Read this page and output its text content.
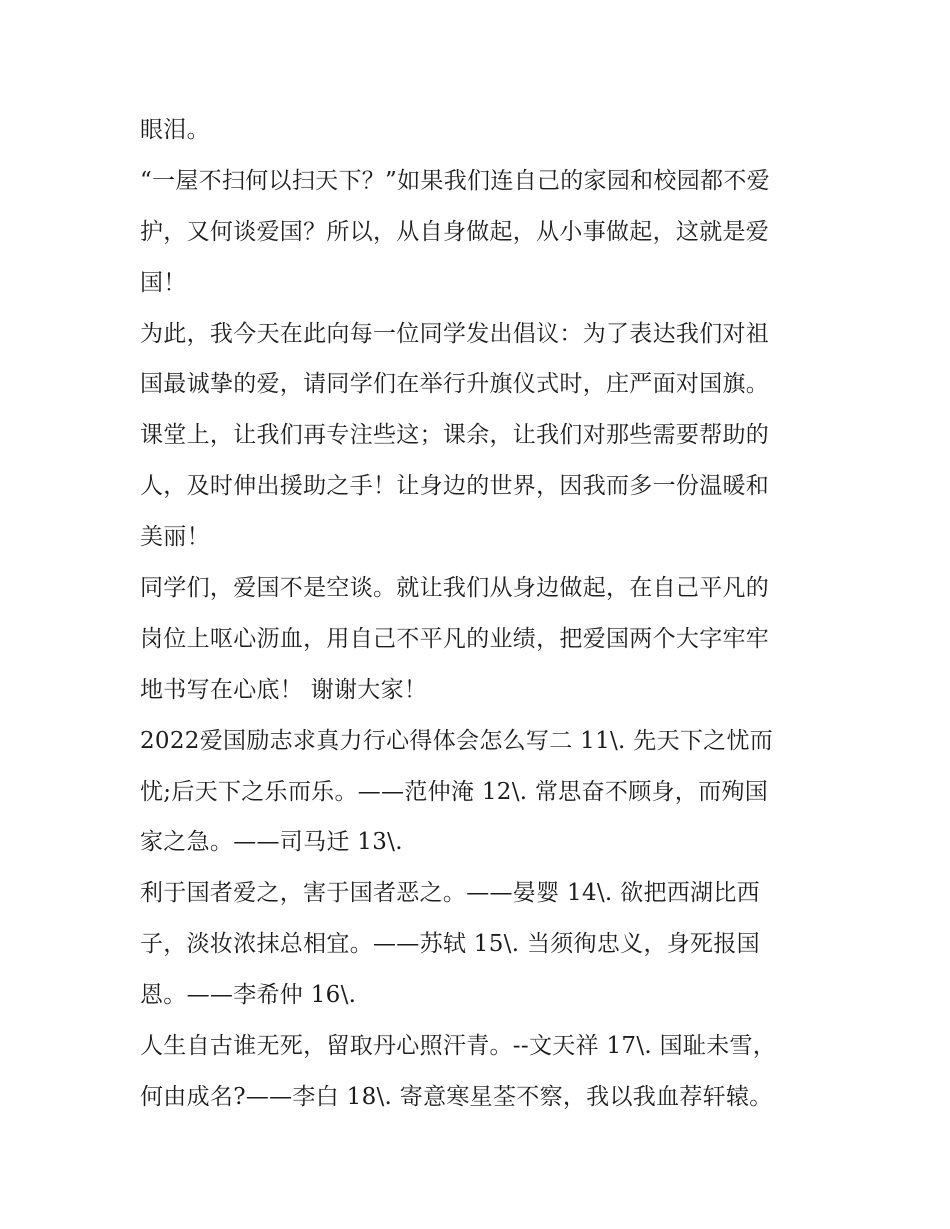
眼泪。
“一屋不扫何以扫天下？”如果我们连自己的家园和校园都不爱
护，又何谈爱国？所以，从自身做起，从小事做起，这就是爱
国！
为此，我今天在此向每一位同学发出倡议：为了表达我们对祖
国最诚挚的爱，请同学们在举行升旗仪式时，庄严面对国旗。
课堂上，让我们再专注些这；课余，让我们对那些需要帮助的
人，及时伸出援助之手！让身边的世界，因我而多一份温暖和
美丽！
同学们，爱国不是空谈。就让我们从身边做起，在自己平凡的
岗位上呕心沥血，用自己不平凡的业绩，把爱国两个大字牢牢
地书写在心底！ 谢谢大家！
2022爱国励志求真力行心得体会怎么写二 11\. 先天下之忧而
忧;后天下之乐而乐。——范仲淹 12\. 常思奋不顾身，而殉国
家之急。——司马迁 13\.
利于国者爱之，害于国者恶之。——晏婴 14\. 欲把西湖比西
子，淡妆浓抹总相宜。——苏轼 15\. 当须徇忠义，身死报国
恩。——李希仲 16\.
人生自古谁无死，留取丹心照汗青。--文天祥 17\. 国耻未雪，
何由成名?——李白 18\. 寄意寒星荃不察，我以我血荐轩辕。
